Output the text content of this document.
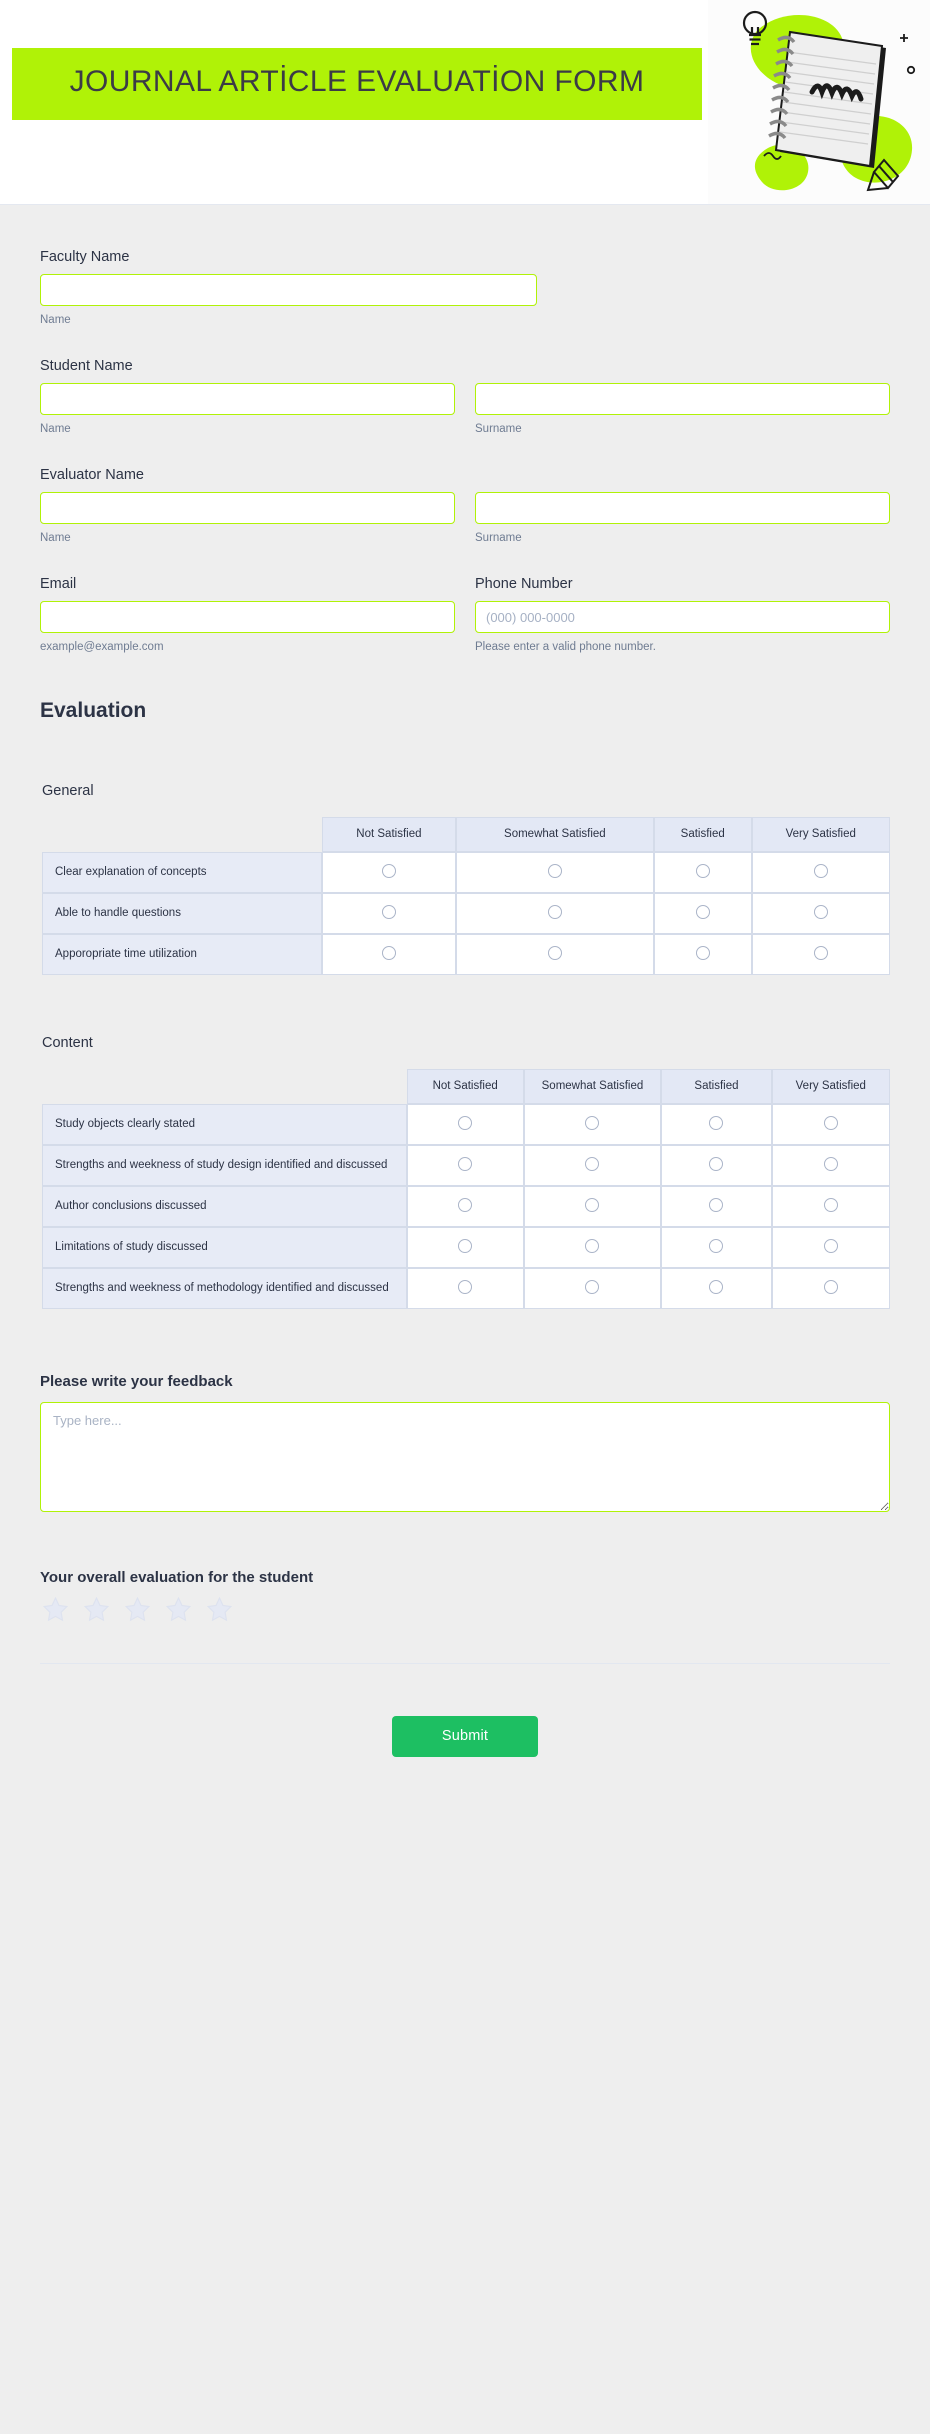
JOURNAL ARTİCLE EVALUATİON FORM
Faculty Name
Name
Student Name
Name	Surname
Evaluator Name
Name	Surname
Email
example@example.com
Phone Number
(000) 000-0000
Please enter a valid phone number.
Evaluation
General
	Not Satisfied	Somewhat Satisfied	Satisfied	Very Satisfied
Clear explanation of concepts				
Able to handle questions				
Apporopriate time utilization				
Content
	Not Satisfied	Somewhat Satisfied	Satisfied	Very Satisfied
Study objects clearly stated				
Strengths and weekness of study design identified and discussed				
Author conclusions discussed				
Limitations of study discussed				
Strengths and weekness of methodology identified and discussed				
Please write your feedback
Type here...
Your overall evaluation for the student
Submit
